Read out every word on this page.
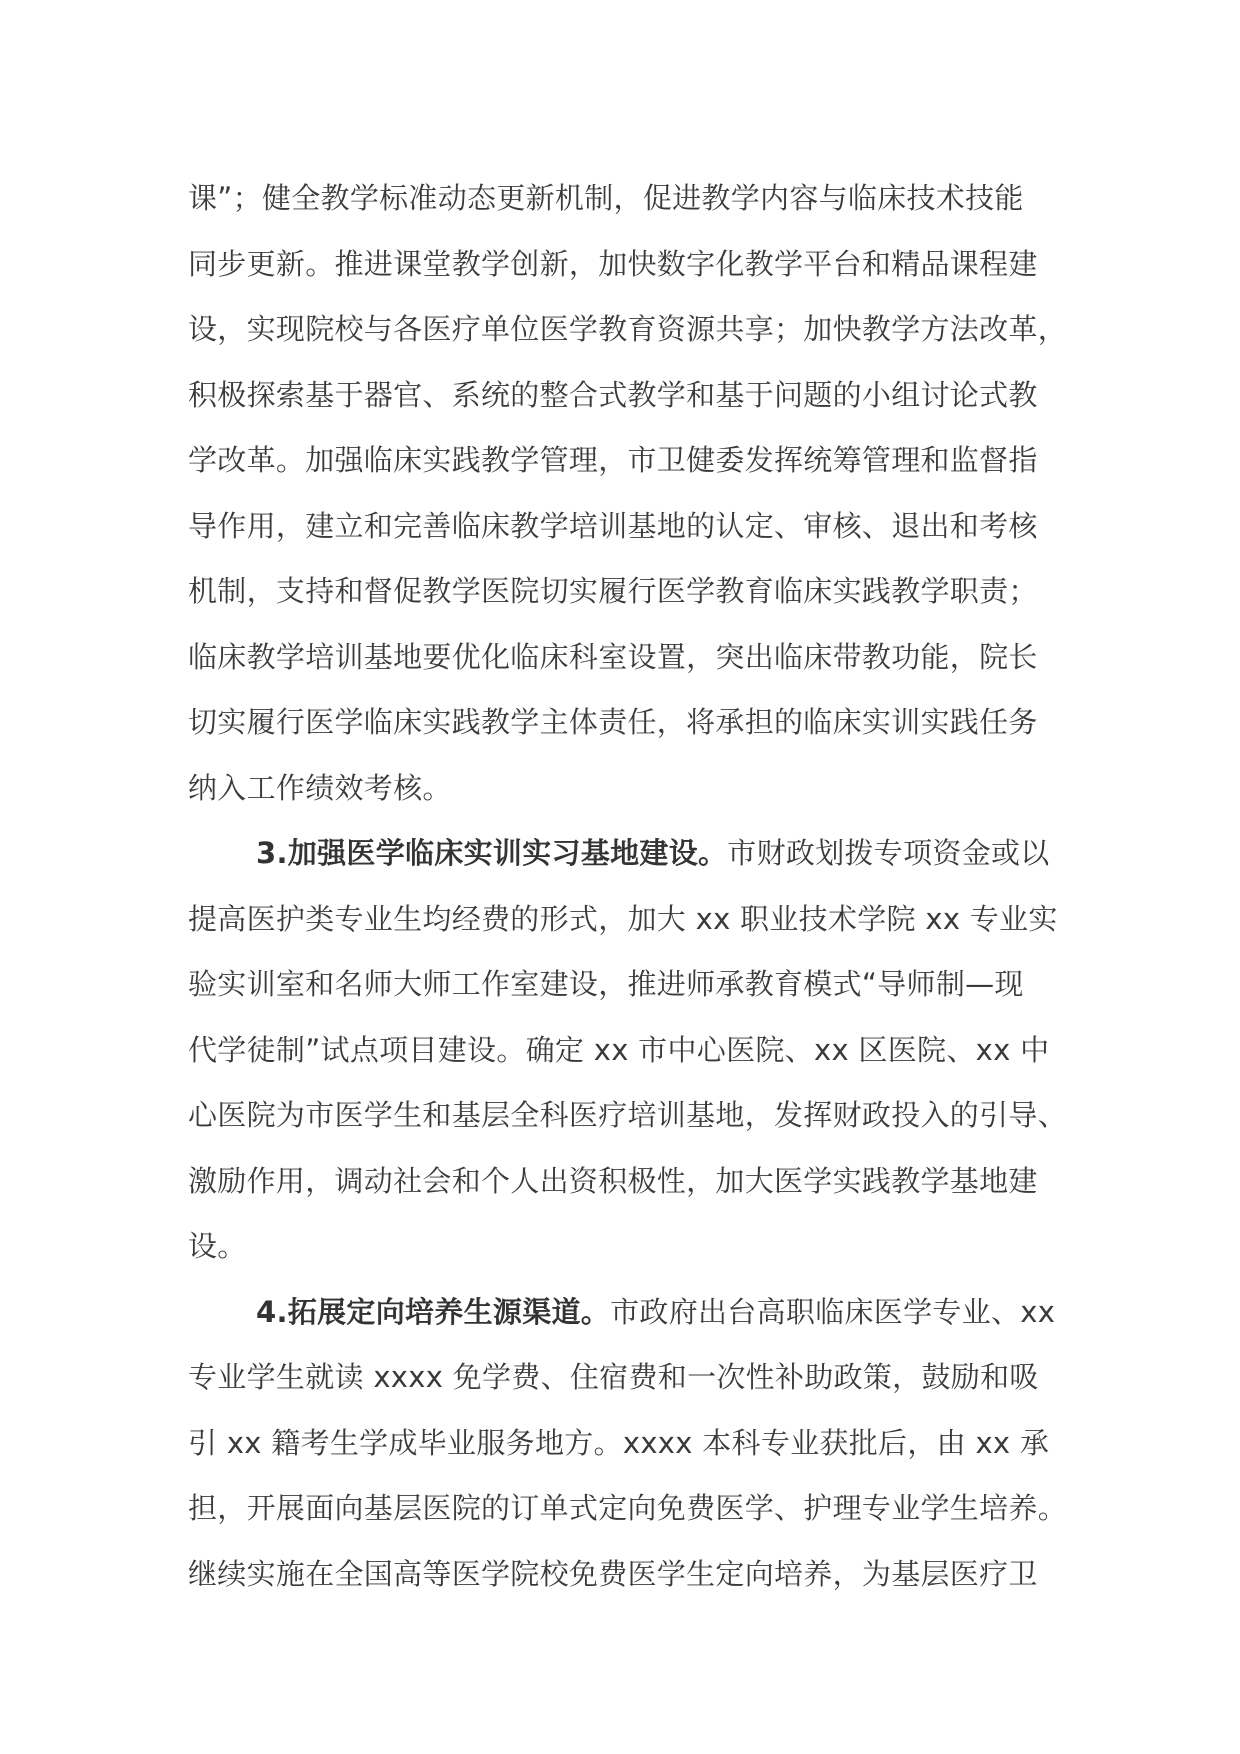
课”；健全教学标准动态更新机制，促进教学内容与临床技术技能
同步更新。推进课堂教学创新，加快数字化教学平台和精品课程建
设，实现院校与各医疗单位医学教育资源共享；加快教学方法改革，
积极探索基于器官、系统的整合式教学和基于问题的小组讨论式教
学改革。加强临床实践教学管理，市卫健委发挥统筹管理和监督指
导作用，建立和完善临床教学培训基地的认定、审核、退出和考核
机制，支持和督促教学医院切实履行医学教育临床实践教学职责；
临床教学培训基地要优化临床科室设置，突出临床带教功能，院长
切实履行医学临床实践教学主体责任，将承担的临床实训实践任务
纳入工作绩效考核。
3.加强医学临床实训实习基地建设。市财政划拨专项资金或以
提高医护类专业生均经费的形式，加大 xx 职业技术学院 xx 专业实
验实训室和名师大师工作室建设，推进师承教育模式“导师制—现
代学徒制”试点项目建设。确定 xx 市中心医院、xx 区医院、xx 中
心医院为市医学生和基层全科医疗培训基地，发挥财政投入的引导、
激励作用，调动社会和个人出资积极性，加大医学实践教学基地建
设。
4.拓展定向培养生源渠道。市政府出台高职临床医学专业、xx
专业学生就读 xxxx 免学费、住宿费和一次性补助政策，鼓励和吸
引 xx 籍考生学成毕业服务地方。xxxx 本科专业获批后，由 xx 承
担，开展面向基层医院的订单式定向免费医学、护理专业学生培养。
继续实施在全国高等医学院校免费医学生定向培养，为基层医疗卫
